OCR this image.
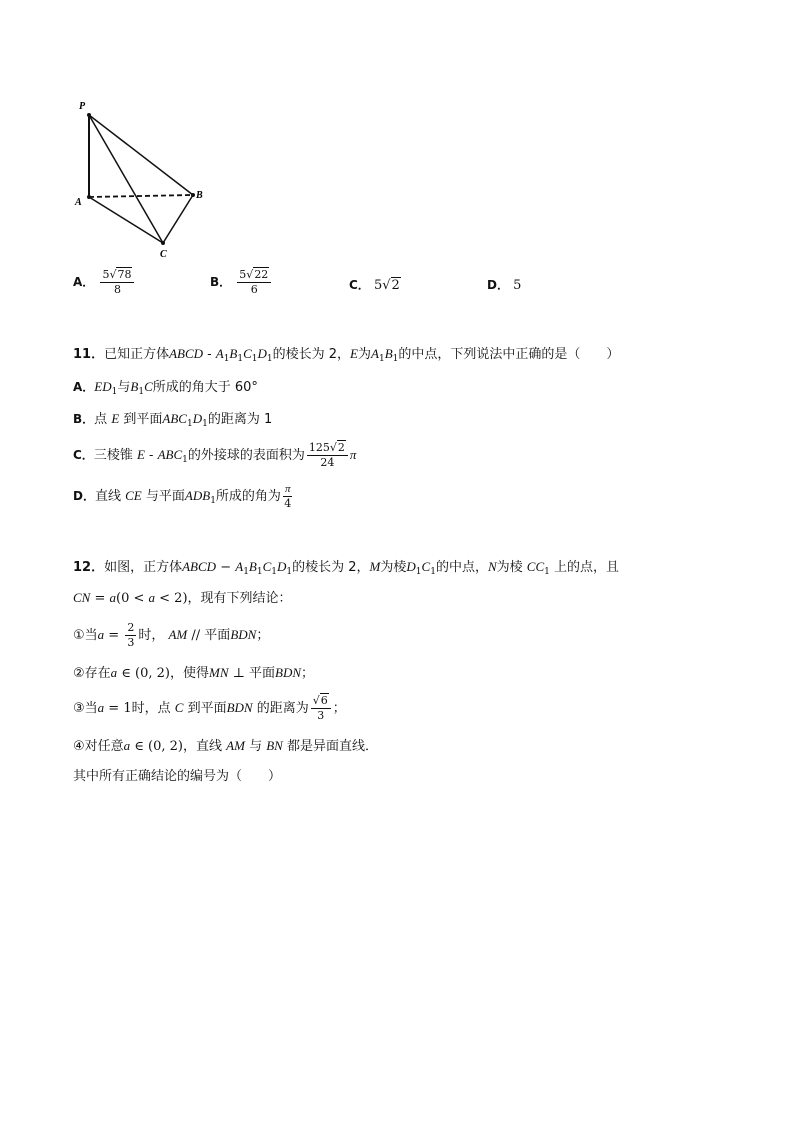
P
A
B
C
A． $\frac{5√78}{8}$	B． $\frac{5√22}{6}$	C． 5√2	D． 5
11．已知正方体ABCD - $A_1B_1C_1D_1$的棱长为 2，E为$A_1B_1$的中点，下列说法中正确的是（　　）
A．$ED_1$与$B_1C$所成的角大于 60°
B．点 E 到平面$ABC_1D_1$的距离为 1
C．三棱锥 E - $ABC_1$的外接球的表面积为 $\frac{125√2}{24}$ π
D．直线 CE 与平面$ADB_1$所成的角为 $\frac{\pi}{4}$
12．如图，正方体ABCD − $A_1B_1C_1D_1$的棱长为 2，M为棱$D_1C_1$的中点，N为棱 $CC_1$ 上的点，且
CN = a(0 < a < 2)，现有下列结论：
①当$a = \frac{2}{3}$ 时， AM // 平面BDN；
②存在a ∈ (0, 2)，使得MN ⊥ 平面BDN；
③当a = 1时，点 C 到平面BDN 的距离为 $\frac{√6}{3}$ ；
④对任意a ∈ (0, 2)，直线 AM 与 BN 都是异面直线．
其中所有正确结论的编号为（　　）
